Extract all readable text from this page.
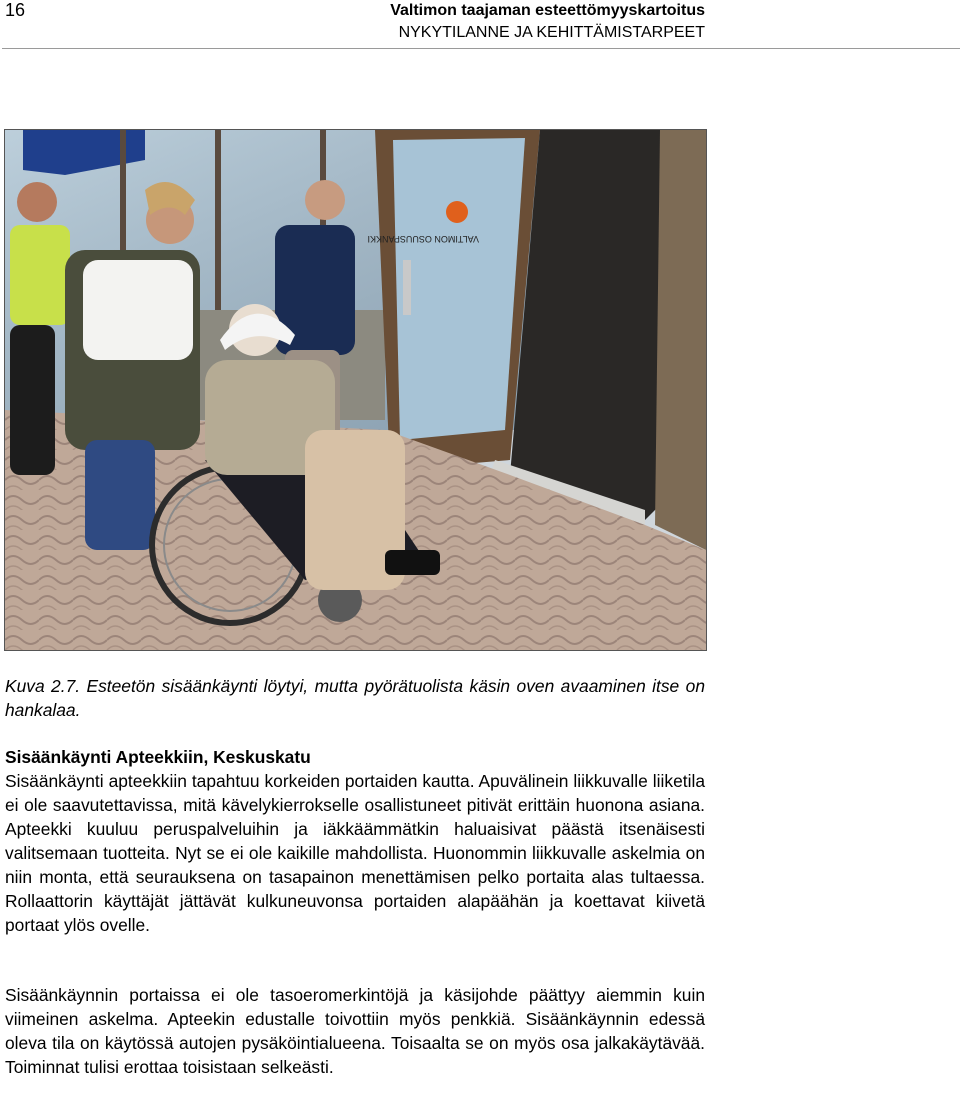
16	Valtimon taajaman esteettömyyskartoitus
NYKYTILANNE JA KEHITTÄMISTARPEET
VALTIMON OSUUSPANKKI
Kuva 2.7. Esteetön sisäänkäynti löytyi, mutta pyörätuolista käsin oven avaaminen itse on hankalaa.
Sisäänkäynti Apteekkiin, Keskuskatu
Sisäänkäynti apteekkiin tapahtuu korkeiden portaiden kautta. Apuvälinein liikkuvalle liiketila ei ole saavutettavissa, mitä kävelykierrokselle osallistuneet pitivät erittäin huonona asiana. Apteekki kuuluu peruspalveluihin ja iäkkäämmätkin haluaisivat päästä itsenäisesti valitsemaan tuotteita. Nyt se ei ole kaikille mahdollista. Huonommin liikkuvalle askelmia on niin monta, että seurauksena on tasapainon menettämisen pelko portaita alas tultaessa. Rollaattorin käyttäjät jättävät kulkuneuvonsa portaiden alapäähän ja koettavat kiivetä portaat ylös ovelle.
Sisäänkäynnin portaissa ei ole tasoeromerkintöjä ja käsijohde päättyy aiemmin kuin viimeinen askelma. Apteekin edustalle toivottiin myös penkkiä. Sisäänkäynnin edessä oleva tila on käytössä autojen pysäköintialueena. Toisaalta se on myös osa jalkakäytävää. Toiminnat tulisi erottaa toisistaan selkeästi.
